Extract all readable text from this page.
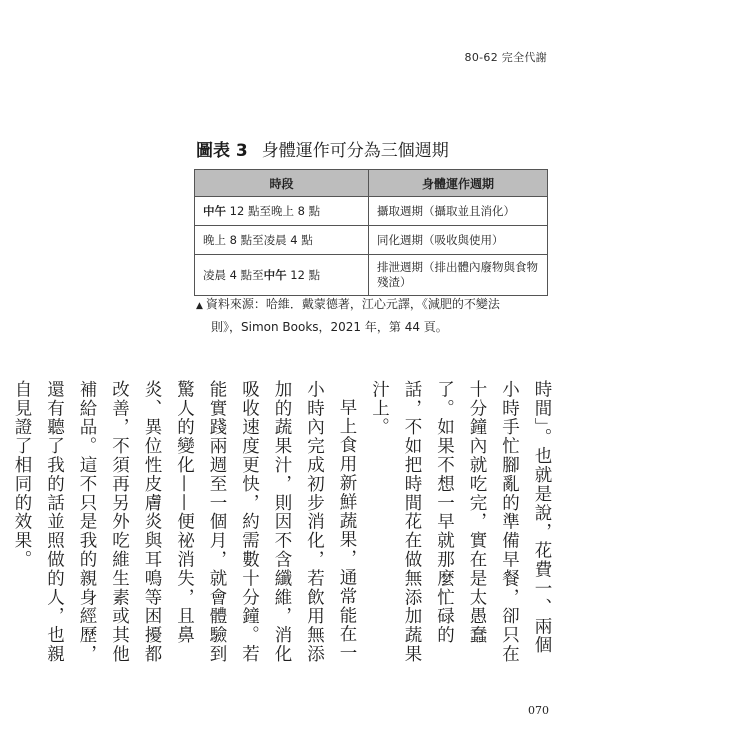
80-62 完全代謝
圖表 3 身體運作可分為三個週期
時段	身體運作週期
中午 12 點至晚上 8 點	攝取週期（攝取並且消化）
晚上 8 點至凌晨 4 點	同化週期（吸收與使用）
凌晨 4 點至中午 12 點	排泄週期（排出體內廢物與食物殘渣）
▲ 資料來源：哈維．戴蒙德著，江心元譯，《減肥的不變法
則》，Simon Books，2021 年，第 44 頁。
時間」。也就是說，花費一、兩個小時手忙腳亂的準備早餐，卻只在十分鐘內就吃完，實在是太愚蠢了。如果不想一早就那麼忙碌的話，不如把時間花在做無添加蔬果汁上。
早上食用新鮮蔬果，通常能在一小時內完成初步消化，若飲用無添加的蔬果汁，則因不含纖維，消化吸收速度更快，約需數十分鐘。若能實踐兩週至一個月，就會體驗到驚人的變化——便祕消失，且鼻炎、異位性皮膚炎與耳鳴等困擾都改善，不須再另外吃維生素或其他補給品。這不只是我的親身經歷，還有聽了我的話並照做的人，也親自見證了相同的效果。
070
